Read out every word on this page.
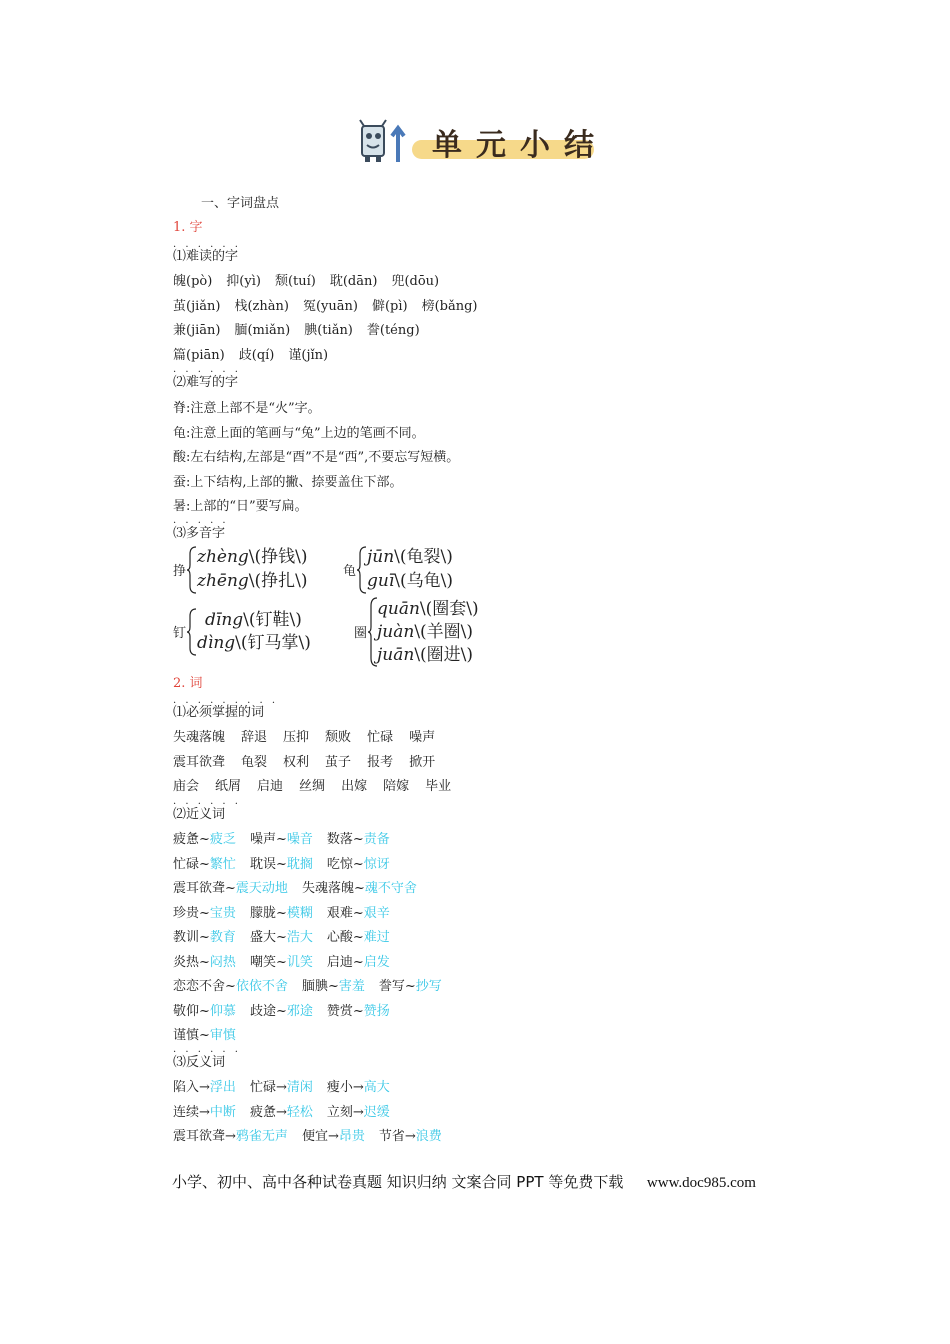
单元小结
一、字词盘点
1. 字
. . . . . .
⑴难读的字
魄(pò) 抑(yì) 颓(tuí) 耽(dān) 兜(dōu)
茧(jiǎn) 栈(zhàn) 冤(yuān) 僻(pì) 榜(bǎng)
兼(jiān) 腼(miǎn) 腆(tiǎn) 誊(téng)
篇(piān) 歧(qí) 谨(jǐn)
. . . . . .
⑵难写的字
脊:注意上部不是“火”字。
龟:注意上面的笔画与“兔”上边的笔画不同。
酸:左右结构,左部是“酉”不是“西”,不要忘写短横。
蚕:上下结构,上部的撇、捺要盖住下部。
暑:上部的“日”要写扁。
. . . . .
⑶多音字
挣
zhèng\(挣钱\)
zhēng\(挣扎\)	龟
jūn\(龟裂\)
guī\(乌龟\)
钉
dīng\(钉鞋\)
dìng\(钉马掌\)	圈
quān\(圈套\)
juàn\(羊圈\)
juān\(圈进\)
2. 词
. . . . . . . . .
⑴必须掌握的词
失魂落魄 辞退 压抑 颓败 忙碌 噪声
震耳欲聋 龟裂 权利 茧子 报考 掀开
庙会 纸屑 启迪 丝绸 出嫁 陪嫁 毕业
. . . . . .
⑵近义词
疲惫~疲乏 噪声~噪音 数落~责备
忙碌~繁忙 耽误~耽搁 吃惊~惊讶
震耳欲聋~震天动地 失魂落魄~魂不守舍
珍贵~宝贵 朦胧~模糊 艰难~艰辛
教训~教育 盛大~浩大 心酸~难过
炎热~闷热 嘲笑~讥笑 启迪~启发
恋恋不舍~依依不舍 腼腆~害羞 誊写~抄写
敬仰~仰慕 歧途~邪途 赞赏~赞扬
谨慎~审慎
. . . . . .
⑶反义词
陷入→浮出 忙碌→清闲 瘦小→高大
连续→中断 疲惫→轻松 立刻→迟缓
震耳欲聋→鸦雀无声 便宜→昂贵 节省→浪费
小学、初中、高中各种试卷真题 知识归纳 文案合同 PPT 等免费下载 www.doc985.com
